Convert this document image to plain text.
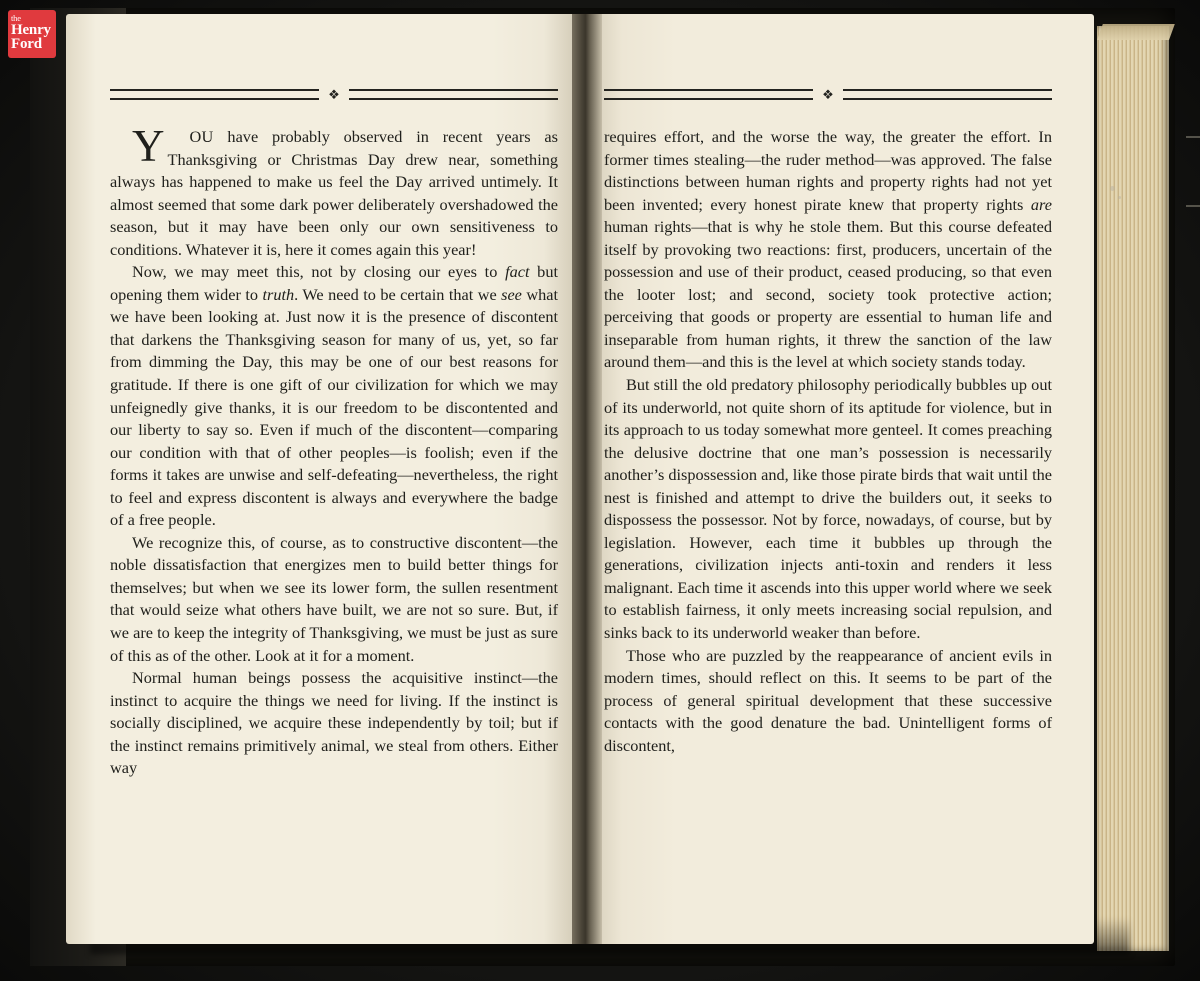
❖

Y OU have probably observed in recent years as Thanksgiving or Christmas Day drew near, something always has happened to make us feel the Day arrived untimely. It almost seemed that some dark power deliberately overshadowed the season, but it may have been only our own sensitiveness to conditions. Whatever it is, here it comes again this year!

Now, we may meet this, not by closing our eyes to fact but opening them wider to truth. We need to be certain that we see what we have been looking at. Just now it is the presence of discontent that darkens the Thanksgiving season for many of us, yet, so far from dimming the Day, this may be one of our best reasons for gratitude. If there is one gift of our civilization for which we may unfeignedly give thanks, it is our freedom to be discontented and our liberty to say so. Even if much of the discontent—comparing our condition with that of other peoples—is foolish; even if the forms it takes are unwise and self-defeating—nevertheless, the right to feel and express discontent is always and everywhere the badge of a free people.

We recognize this, of course, as to constructive discontent—the noble dissatisfaction that energizes men to build better things for themselves; but when we see its lower form, the sullen resentment that would seize what others have built, we are not so sure. But, if we are to keep the integrity of Thanksgiving, we must be just as sure of this as of the other. Look at it for a moment.

Normal human beings possess the acquisitive instinct—the instinct to acquire the things we need for living. If the instinct is socially disciplined, we acquire these independently by toil; but if the instinct remains primitively animal, we steal from others. Either way

❖

requires effort, and the worse the way, the greater the effort. In former times stealing—the ruder method—was approved. The false distinctions between human rights and property rights had not yet been invented; every honest pirate knew that property rights are human rights—that is why he stole them. But this course defeated itself by provoking two reactions: first, producers, uncertain of the possession and use of their product, ceased producing, so that even the looter lost; and second, society took protective action; perceiving that goods or property are essential to human life and inseparable from human rights, it threw the sanction of the law around them—and this is the level at which society stands today.

But still the old predatory philosophy periodically bubbles up out of its underworld, not quite shorn of its aptitude for violence, but in its approach to us today somewhat more genteel. It comes preaching the delusive doctrine that one man’s possession is necessarily another’s dispossession and, like those pirate birds that wait until the nest is finished and attempt to drive the builders out, it seeks to dispossess the possessor. Not by force, nowadays, of course, but by legislation. However, each time it bubbles up through the generations, civilization injects anti-toxin and renders it less malignant. Each time it ascends into this upper world where we seek to establish fairness, it only meets increasing social repulsion, and sinks back to its underworld weaker than before.

Those who are puzzled by the reappearance of ancient evils in modern times, should reflect on this. It seems to be part of the process of general spiritual development that these successive contacts with the good denature the bad. Unintelligent forms of discontent,

the
Henry
Ford
